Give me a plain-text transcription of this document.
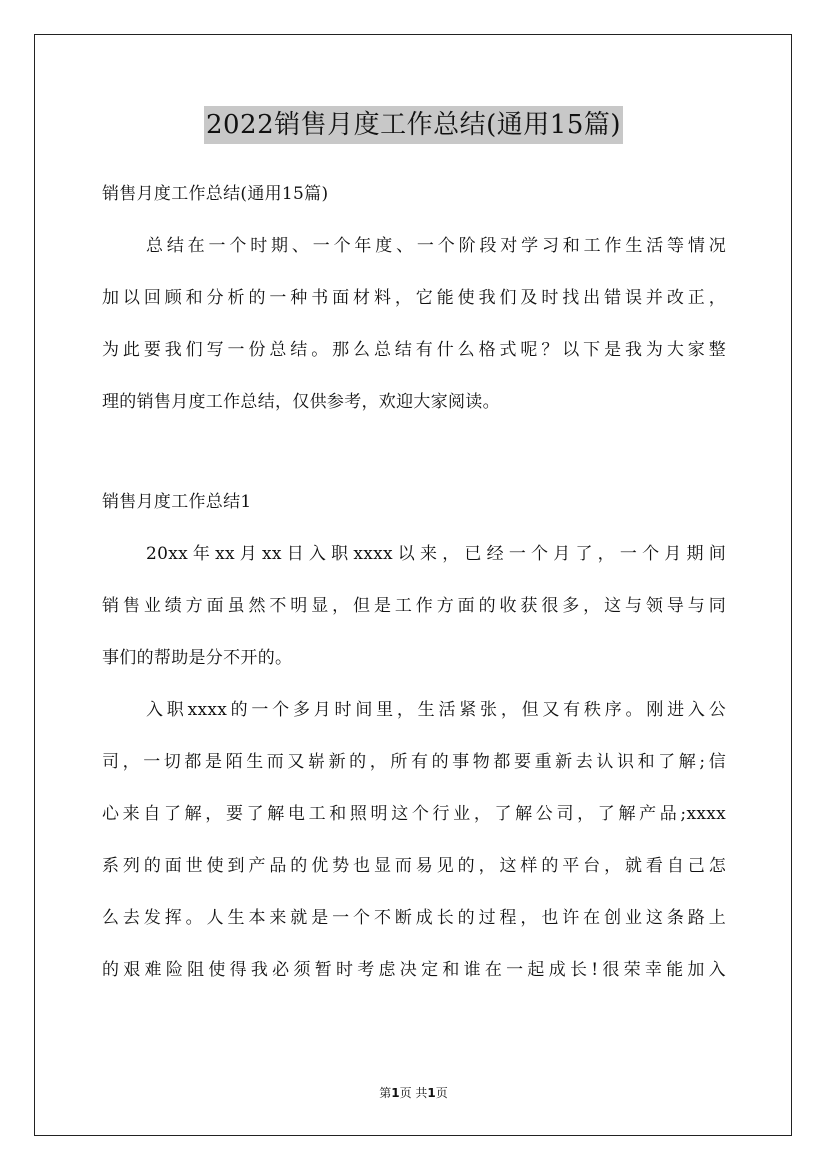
2022销售月度工作总结(通用15篇)
销售月度工作总结(通用15篇)
总结在一个时期、一个年度、一个阶段对学习和工作生活等情况
加以回顾和分析的一种书面材料，它能使我们及时找出错误并改正，
为此要我们写一份总结。那么总结有什么格式呢？以下是我为大家整
理的销售月度工作总结，仅供参考，欢迎大家阅读。
销售月度工作总结1
20xx年xx月xx日入职xxxx以来，已经一个月了，一个月期间
销售业绩方面虽然不明显，但是工作方面的收获很多，这与领导与同
事们的帮助是分不开的。
入职xxxx的一个多月时间里，生活紧张，但又有秩序。刚进入公
司，一切都是陌生而又崭新的，所有的事物都要重新去认识和了解;信
心来自了解，要了解电工和照明这个行业，了解公司，了解产品;xxxx
系列的面世使到产品的优势也显而易见的，这样的平台，就看自己怎
么去发挥。人生本来就是一个不断成长的过程，也许在创业这条路上
的艰难险阻使得我必须暂时考虑决定和谁在一起成长!很荣幸能加入
第1页 共1页
